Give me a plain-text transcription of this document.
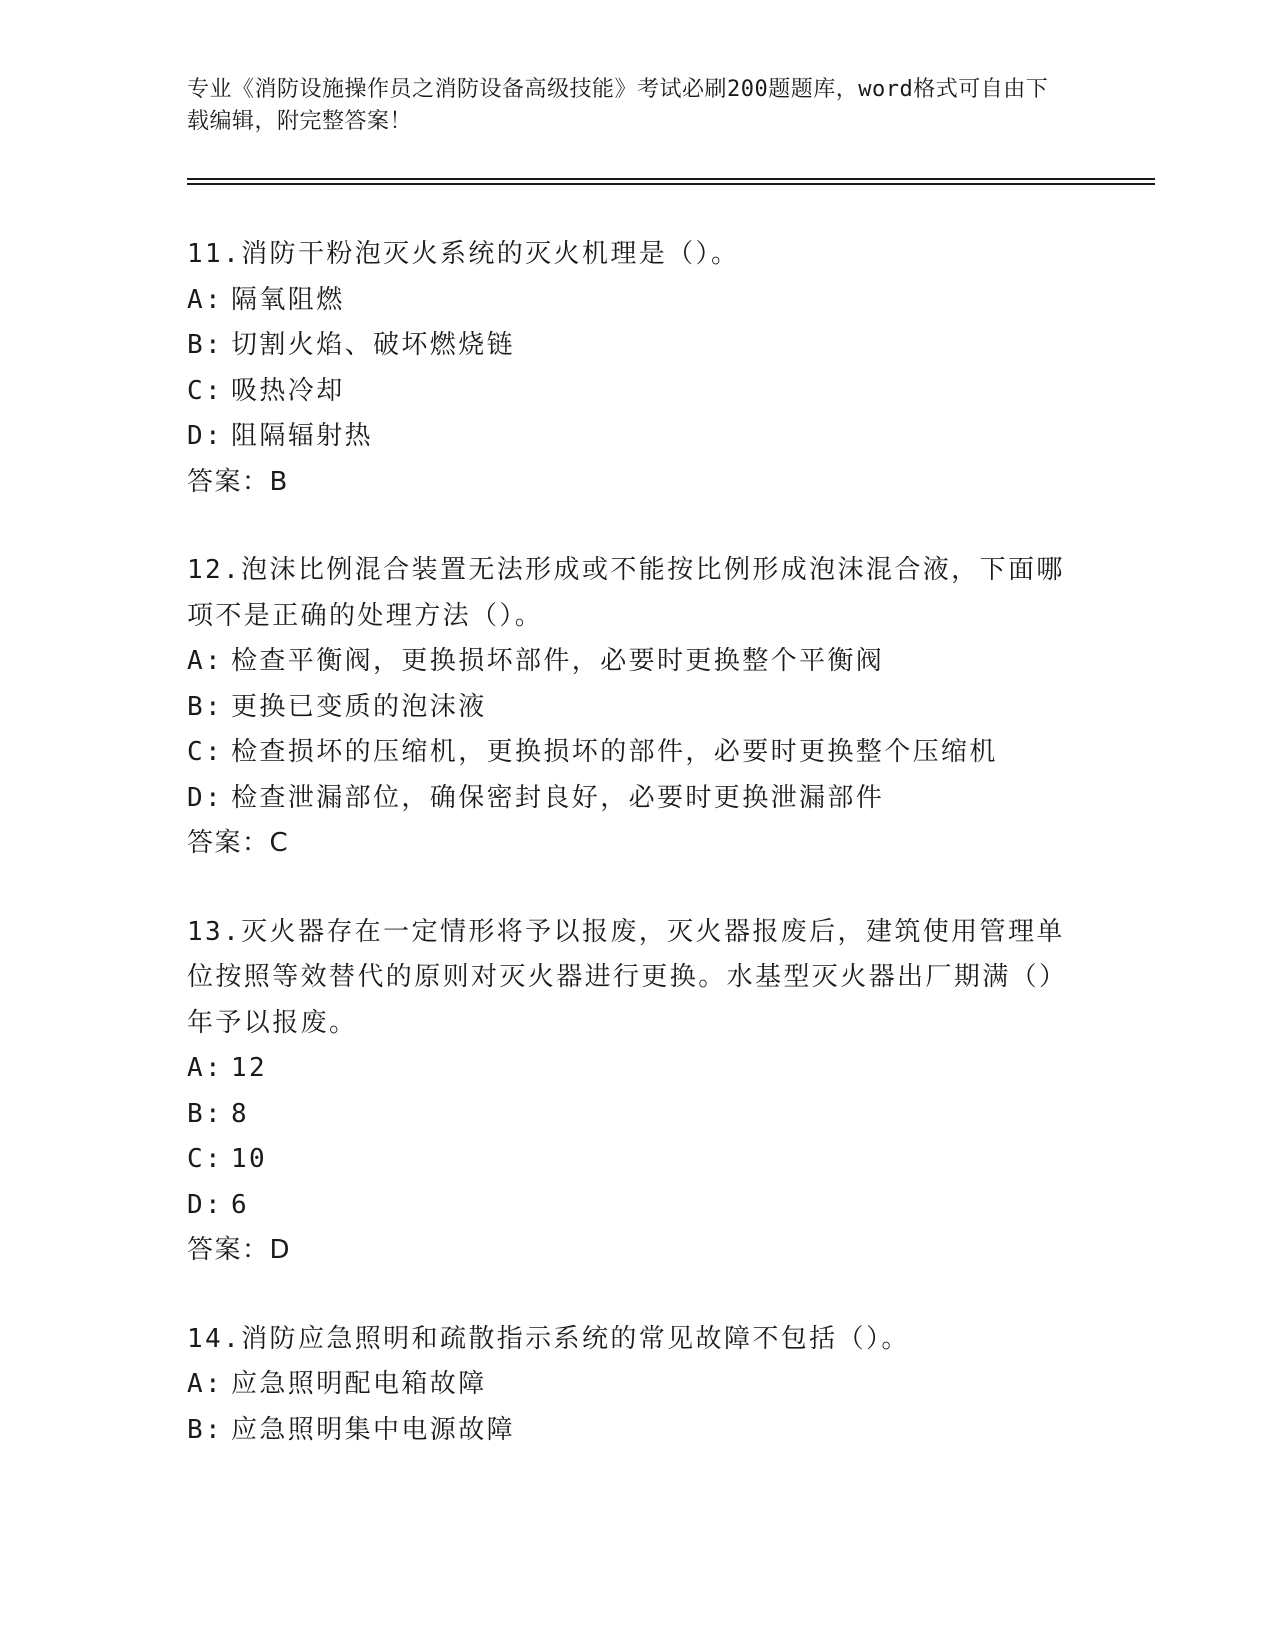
专业《消防设施操作员之消防设备高级技能》考试必刷200题题库，word格式可自由下载编辑，附完整答案！
11.消防干粉泡灭火系统的灭火机理是（）。
A: 隔氧阻燃
B: 切割火焰、破坏燃烧链
C: 吸热冷却
D: 阻隔辐射热
答案：B
12.泡沫比例混合装置无法形成或不能按比例形成泡沫混合液，下面哪项不是正确的处理方法（）。
A: 检查平衡阀，更换损坏部件，必要时更换整个平衡阀
B: 更换已变质的泡沫液
C: 检查损坏的压缩机，更换损坏的部件，必要时更换整个压缩机
D: 检查泄漏部位，确保密封良好，必要时更换泄漏部件
答案：C
13.灭火器存在一定情形将予以报废，灭火器报废后，建筑使用管理单位按照等效替代的原则对灭火器进行更换。水基型灭火器出厂期满（）年予以报废。
A: 12
B: 8
C: 10
D: 6
答案：D
14.消防应急照明和疏散指示系统的常见故障不包括（）。
A: 应急照明配电箱故障
B: 应急照明集中电源故障
